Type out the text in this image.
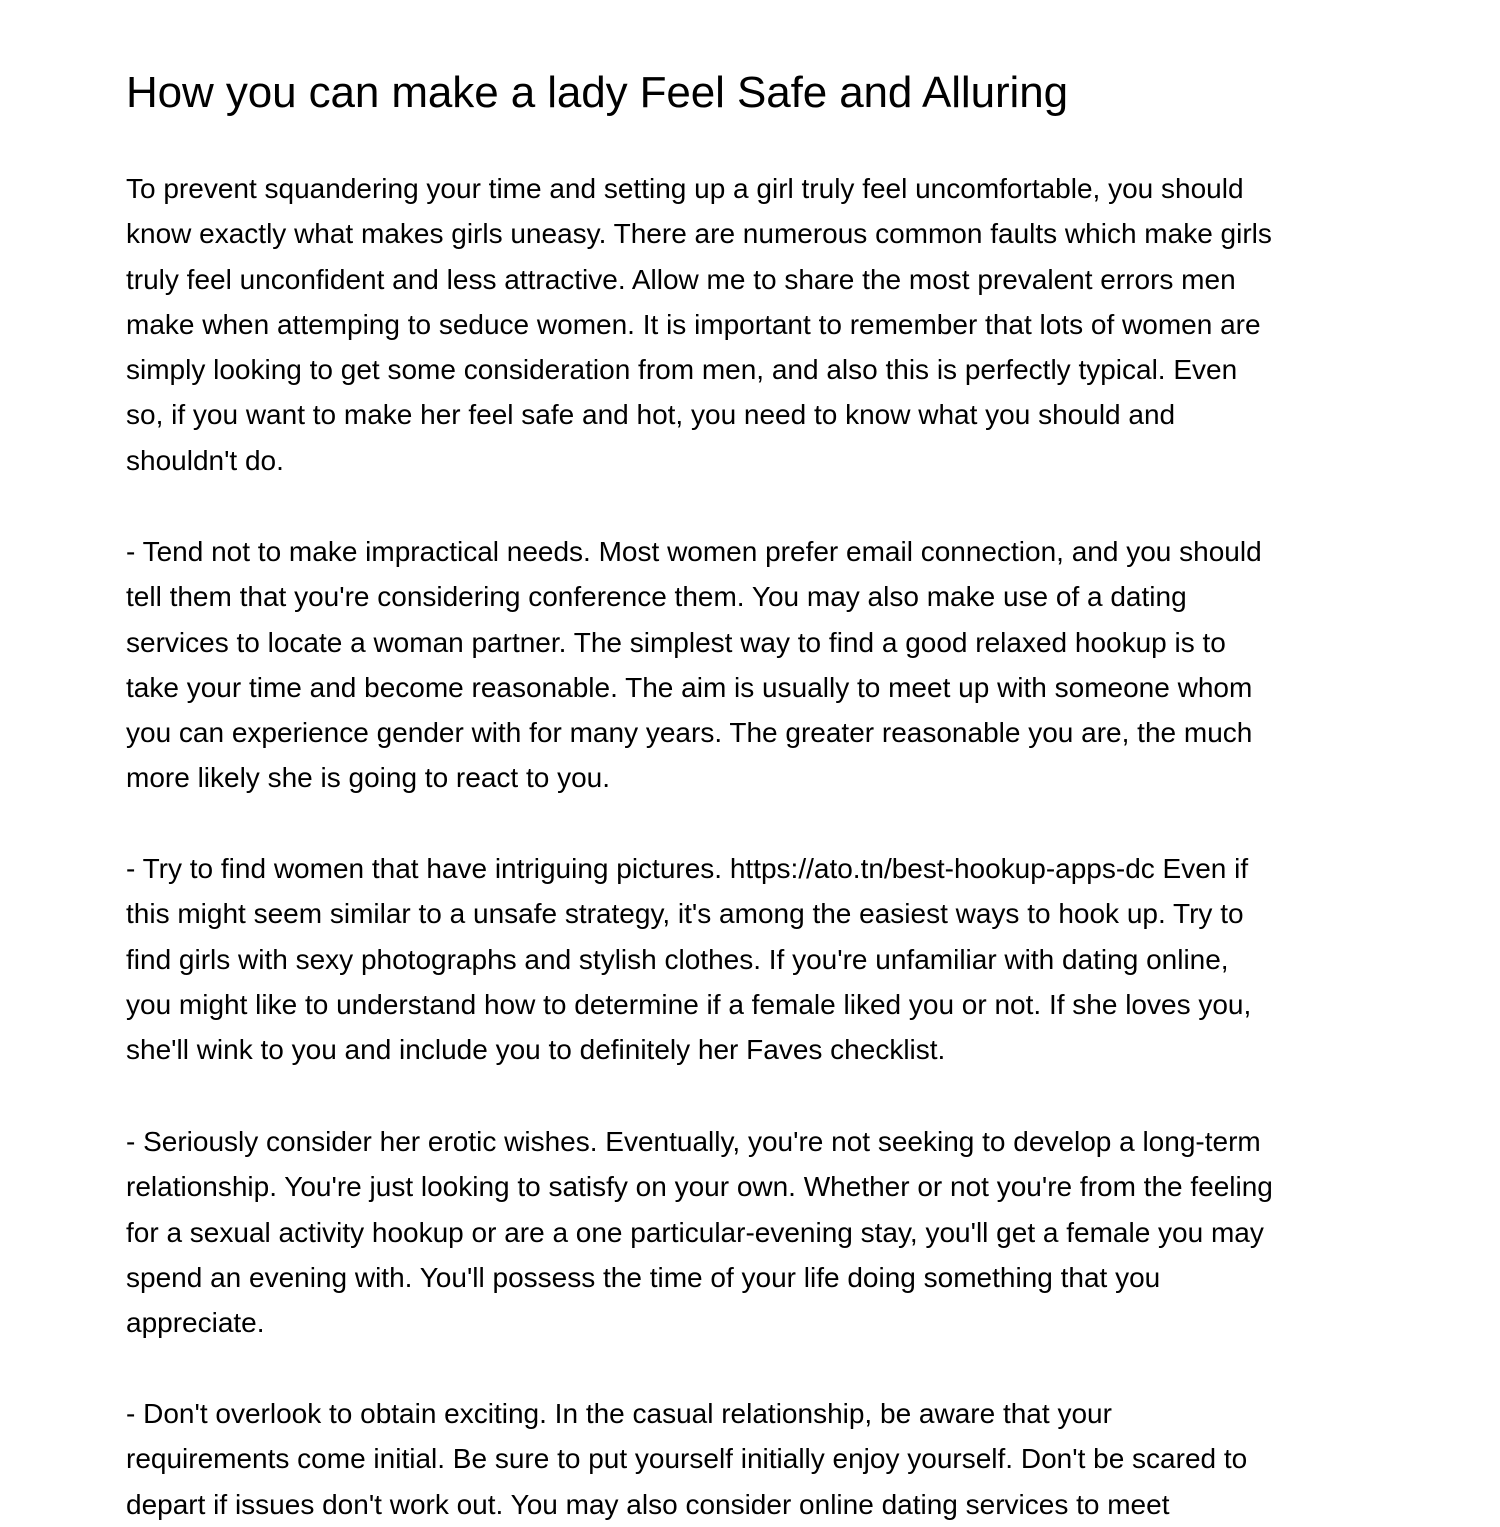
How you can make a lady Feel Safe and Alluring

To prevent squandering your time and setting up a girl truly feel uncomfortable, you should
know exactly what makes girls uneasy. There are numerous common faults which make girls
truly feel unconfident and less attractive. Allow me to share the most prevalent errors men
make when attemping to seduce women. It is important to remember that lots of women are
simply looking to get some consideration from men, and also this is perfectly typical. Even
so, if you want to make her feel safe and hot, you need to know what you should and
shouldn't do.

- Tend not to make impractical needs. Most women prefer email connection, and you should
tell them that you're considering conference them. You may also make use of a dating
services to locate a woman partner. The simplest way to find a good relaxed hookup is to
take your time and become reasonable. The aim is usually to meet up with someone whom
you can experience gender with for many years. The greater reasonable you are, the much
more likely she is going to react to you.

- Try to find women that have intriguing pictures. https://ato.tn/best-hookup-apps-dc Even if
this might seem similar to a unsafe strategy, it's among the easiest ways to hook up. Try to
find girls with sexy photographs and stylish clothes. If you're unfamiliar with dating online,
you might like to understand how to determine if a female liked you or not. If she loves you,
she'll wink to you and include you to definitely her Faves checklist.

- Seriously consider her erotic wishes. Eventually, you're not seeking to develop a long-term
relationship. You're just looking to satisfy on your own. Whether or not you're from the feeling
for a sexual activity hookup or are a one particular-evening stay, you'll get a female you may
spend an evening with. You'll possess the time of your life doing something that you
appreciate.

- Don't overlook to obtain exciting. In the casual relationship, be aware that your
requirements come initial. Be sure to put yourself initially enjoy yourself. Don't be scared to
depart if issues don't work out. You may also consider online dating services to meet
